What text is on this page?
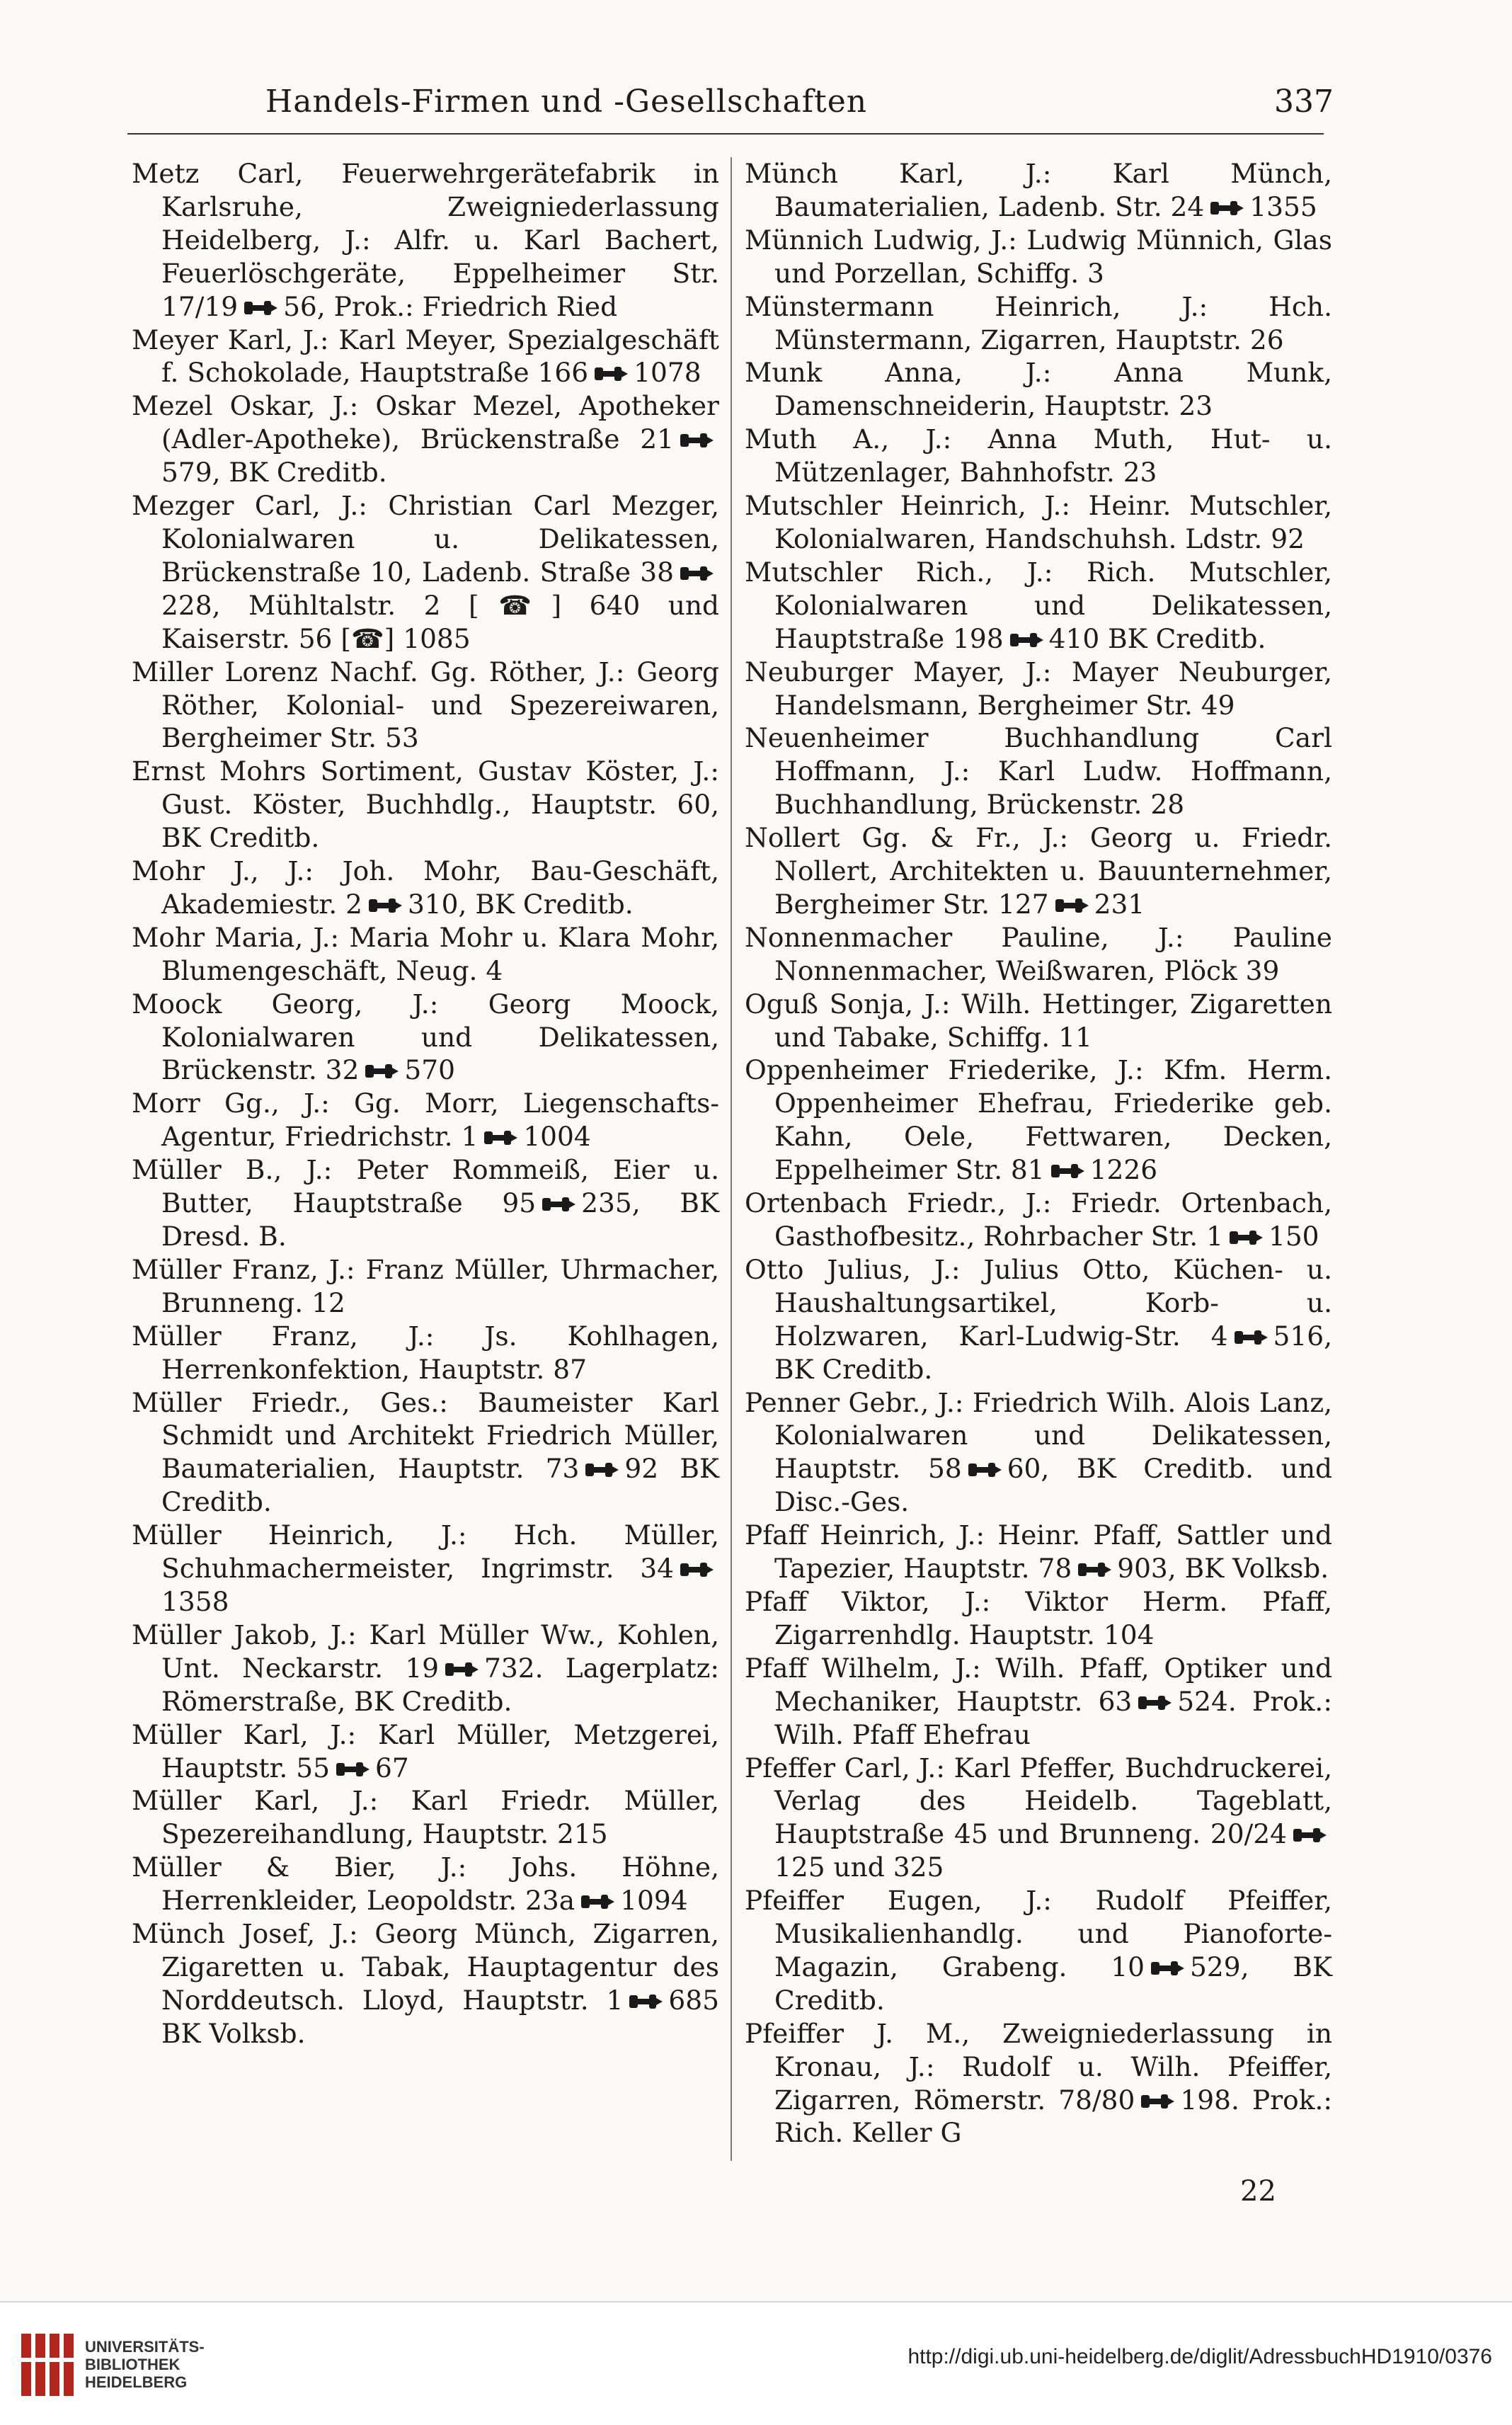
Handels-Firmen und -Gesellschaften	337
Metz Carl, Feuerwehrgerätefabrik in Karlsruhe, Zweigniederlassung Heidelberg, J.: Alfr. u. Karl Bachert, Feuerlöschgeräte, Eppelheimer Str. 17/19 56, Prok.: Friedrich Ried
Meyer Karl, J.: Karl Meyer, Spezialgeschäft f. Schokolade, Hauptstraße 166 1078
Mezel Oskar, J.: Oskar Mezel, Apotheker (Adler-Apotheke), Brückenstraße 21
579, BK Creditb.
Mezger Carl, J.: Christian Carl Mezger, Kolonialwaren u. Delikatessen, Brückenstraße 10, Ladenb. Straße 38
228, Mühltalstr. 2 [☎] 640 und Kaiserstr. 56 [☎] 1085
Miller Lorenz Nachf. Gg. Röther, J.: Georg Röther, Kolonial- und Spezereiwaren, Bergheimer Str. 53
Ernst Mohrs Sortiment, Gustav Köster, J.: Gust. Köster, Buchhdlg., Hauptstr. 60, BK Creditb.
Mohr J., J.: Joh. Mohr, Bau-Geschäft, Akademiestr. 2 310, BK Creditb.
Mohr Maria, J.: Maria Mohr u. Klara Mohr, Blumengeschäft, Neug. 4
Moock Georg, J.: Georg Moock, Kolonialwaren und Delikatessen, Brückenstr. 32 570
Morr Gg., J.: Gg. Morr, Liegenschafts-Agentur, Friedrichstr. 1 1004
Müller B., J.: Peter Rommeiß, Eier u. Butter, Hauptstraße 95 235, BK Dresd. B.
Müller Franz, J.: Franz Müller, Uhrmacher, Brunneng. 12
Müller Franz, J.: Js. Kohlhagen, Herrenkonfektion, Hauptstr. 87
Müller Friedr., Ges.: Baumeister Karl Schmidt und Architekt Friedrich Müller, Baumaterialien, Hauptstr. 73 92 BK Creditb.
Müller Heinrich, J.: Hch. Müller, Schuhmachermeister, Ingrimstr. 34
1358
Müller Jakob, J.: Karl Müller Ww., Kohlen, Unt. Neckarstr. 19 732. Lagerplatz: Römerstraße, BK Creditb.
Müller Karl, J.: Karl Müller, Metzgerei, Hauptstr. 55 67
Müller Karl, J.: Karl Friedr. Müller, Spezereihandlung, Hauptstr. 215
Müller & Bier, J.: Johs. Höhne, Herrenkleider, Leopoldstr. 23a 1094
Münch Josef, J.: Georg Münch, Zigarren, Zigaretten u. Tabak, Hauptagentur des Norddeutsch. Lloyd, Hauptstr. 1 685 BK Volksb.
Münch Karl, J.: Karl Münch, Baumaterialien, Ladenb. Str. 24 1355
Münnich Ludwig, J.: Ludwig Münnich, Glas und Porzellan, Schiffg. 3
Münstermann Heinrich, J.: Hch. Münstermann, Zigarren, Hauptstr. 26
Munk Anna, J.: Anna Munk, Damenschneiderin, Hauptstr. 23
Muth A., J.: Anna Muth, Hut- u. Mützenlager, Bahnhofstr. 23
Mutschler Heinrich, J.: Heinr. Mutschler, Kolonialwaren, Handschuhsh. Ldstr. 92
Mutschler Rich., J.: Rich. Mutschler, Kolonialwaren und Delikatessen, Hauptstraße 198 410 BK Creditb.
Neuburger Mayer, J.: Mayer Neuburger, Handelsmann, Bergheimer Str. 49
Neuenheimer Buchhandlung Carl Hoffmann, J.: Karl Ludw. Hoffmann, Buchhandlung, Brückenstr. 28
Nollert Gg. & Fr., J.: Georg u. Friedr. Nollert, Architekten u. Bauunternehmer, Bergheimer Str. 127 231
Nonnenmacher Pauline, J.: Pauline Nonnenmacher, Weißwaren, Plöck 39
Oguß Sonja, J.: Wilh. Hettinger, Zigaretten und Tabake, Schiffg. 11
Oppenheimer Friederike, J.: Kfm. Herm. Oppenheimer Ehefrau, Friederike geb. Kahn, Oele, Fettwaren, Decken, Eppelheimer Str. 81 1226
Ortenbach Friedr., J.: Friedr. Ortenbach, Gasthofbesitz., Rohrbacher Str. 1 150
Otto Julius, J.: Julius Otto, Küchen- u. Haushaltungsartikel, Korb- u. Holzwaren, Karl-Ludwig-Str. 4 516, BK Creditb.
Penner Gebr., J.: Friedrich Wilh. Alois Lanz, Kolonialwaren und Delikatessen, Hauptstr. 58 60, BK Creditb. und Disc.-Ges.
Pfaff Heinrich, J.: Heinr. Pfaff, Sattler und Tapezier, Hauptstr. 78 903, BK Volksb.
Pfaff Viktor, J.: Viktor Herm. Pfaff, Zigarrenhdlg. Hauptstr. 104
Pfaff Wilhelm, J.: Wilh. Pfaff, Optiker und Mechaniker, Hauptstr. 63 524. Prok.: Wilh. Pfaff Ehefrau
Pfeffer Carl, J.: Karl Pfeffer, Buchdruckerei, Verlag des Heidelb. Tageblatt, Hauptstraße 45 und Brunneng. 20/24
125 und 325
Pfeiffer Eugen, J.: Rudolf Pfeiffer, Musikalienhandlg. und Pianoforte-Magazin, Grabeng. 10 529, BK Creditb.
Pfeiffer J. M., Zweigniederlassung in Kronau, J.: Rudolf u. Wilh. Pfeiffer, Zigarren, Römerstr. 78/80 198. Prok.: Rich. Keller G
22
UNIVERSITÄTS-
BIBLIOTHEK
HEIDELBERG
http://digi.ub.uni-heidelberg.de/diglit/AdressbuchHD1910/0376
